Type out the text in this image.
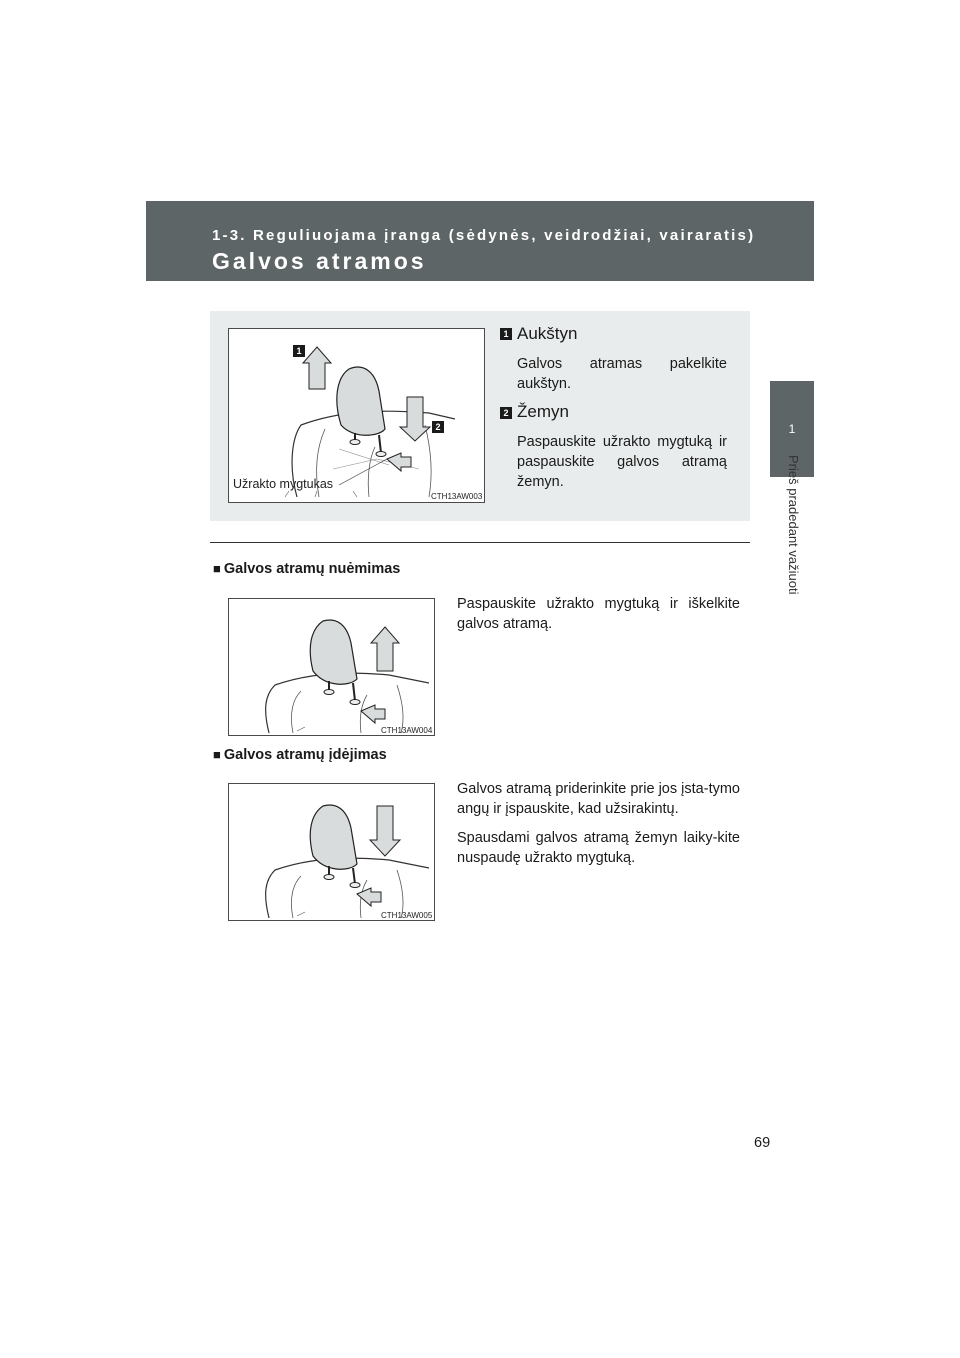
1-3. Reguliuojama įranga (sėdynės, veidrodžiai, vairaratis)
Galvos atramos
1
Prieš pradedant važiuoti
1
2
Užrakto mygtukas
CTH13AW003
1 Aukštyn
Galvos atramas pakelkite aukštyn.
2 Žemyn
Paspauskite užrakto mygtuką ir paspauskite galvos atramą žemyn.
■ Galvos atramų nuėmimas
CTH13AW004
Paspauskite užrakto mygtuką ir iškelkite galvos atramą.
■ Galvos atramų įdėjimas
CTH13AW005
Galvos atramą priderinkite prie jos įsta-tymo angų ir įspauskite, kad užsirakintų.
Spausdami galvos atramą žemyn laiky-kite nuspaudę užrakto mygtuką.
69
